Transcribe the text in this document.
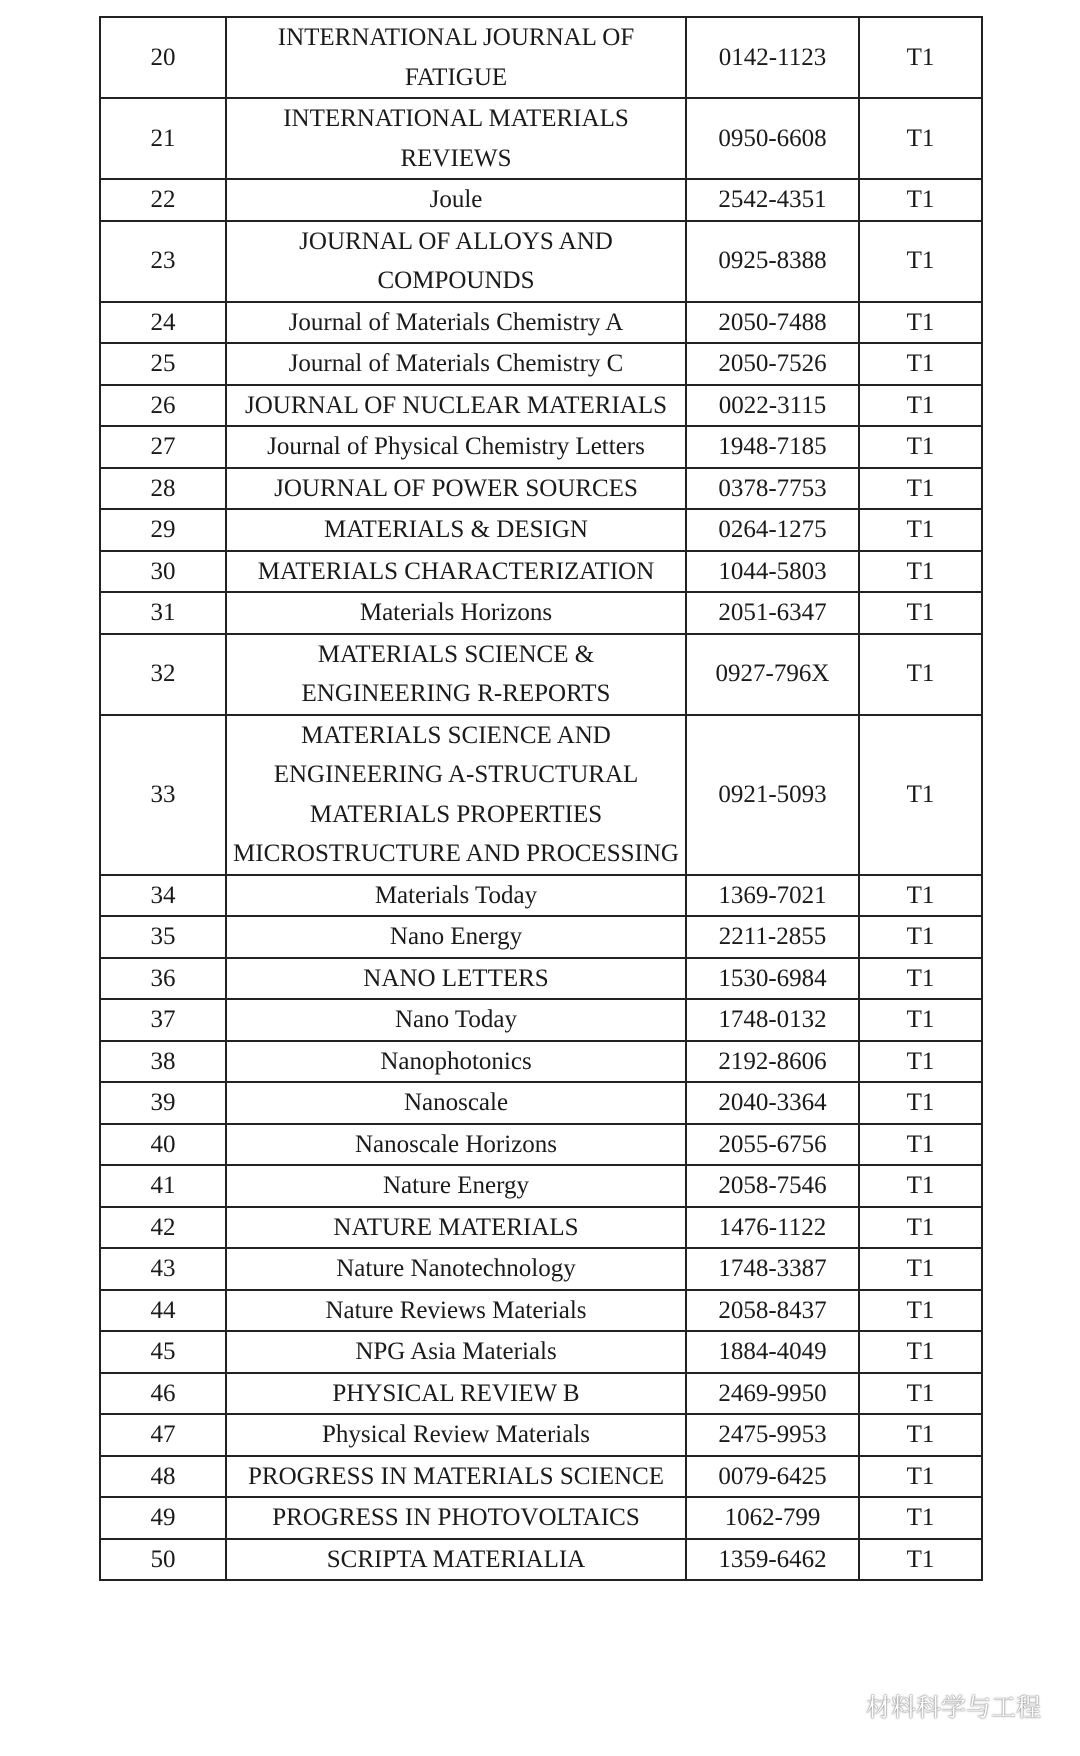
20	INTERNATIONAL JOURNAL OF FATIGUE	0142-1123	T1
21	INTERNATIONAL MATERIALS REVIEWS	0950-6608	T1
22	Joule	2542-4351	T1
23	JOURNAL OF ALLOYS AND COMPOUNDS	0925-8388	T1
24	Journal of Materials Chemistry A	2050-7488	T1
25	Journal of Materials Chemistry C	2050-7526	T1
26	JOURNAL OF NUCLEAR MATERIALS	0022-3115	T1
27	Journal of Physical Chemistry Letters	1948-7185	T1
28	JOURNAL OF POWER SOURCES	0378-7753	T1
29	MATERIALS & DESIGN	0264-1275	T1
30	MATERIALS CHARACTERIZATION	1044-5803	T1
31	Materials Horizons	2051-6347	T1
32	MATERIALS SCIENCE & ENGINEERING R-REPORTS	0927-796X	T1
33	MATERIALS SCIENCE AND ENGINEERING A-STRUCTURAL MATERIALS PROPERTIES MICROSTRUCTURE AND PROCESSING	0921-5093	T1
34	Materials Today	1369-7021	T1
35	Nano Energy	2211-2855	T1
36	NANO LETTERS	1530-6984	T1
37	Nano Today	1748-0132	T1
38	Nanophotonics	2192-8606	T1
39	Nanoscale	2040-3364	T1
40	Nanoscale Horizons	2055-6756	T1
41	Nature Energy	2058-7546	T1
42	NATURE MATERIALS	1476-1122	T1
43	Nature Nanotechnology	1748-3387	T1
44	Nature Reviews Materials	2058-8437	T1
45	NPG Asia Materials	1884-4049	T1
46	PHYSICAL REVIEW B	2469-9950	T1
47	Physical Review Materials	2475-9953	T1
48	PROGRESS IN MATERIALS SCIENCE	0079-6425	T1
49	PROGRESS IN PHOTOVOLTAICS	1062-799	T1
50	SCRIPTA MATERIALIA	1359-6462	T1
材料科学与工程
